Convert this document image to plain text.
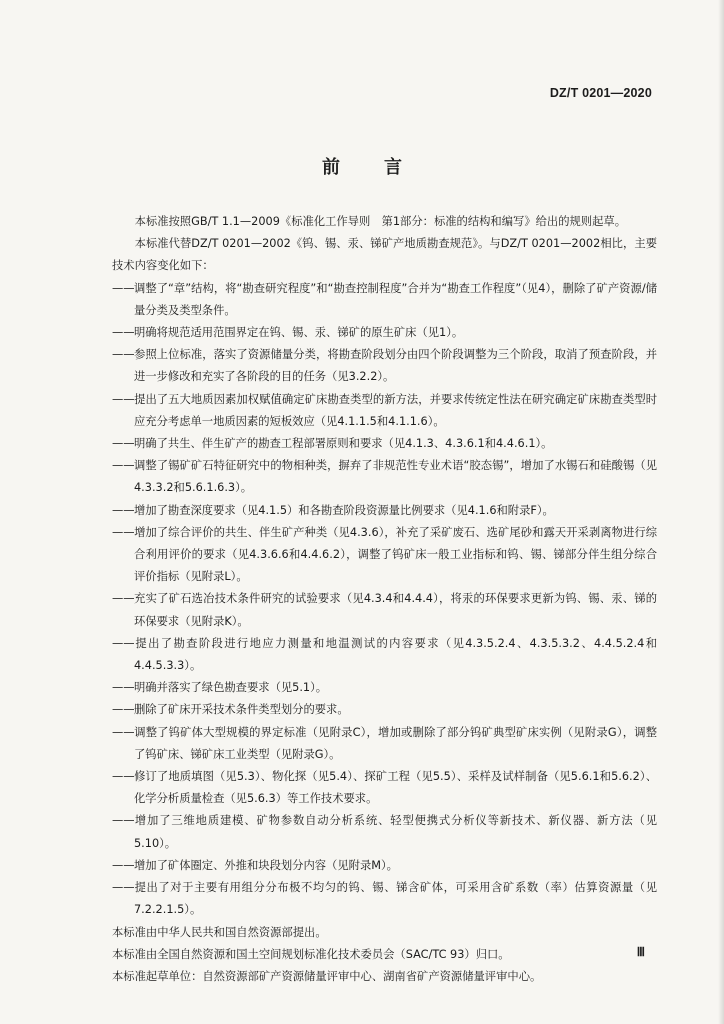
DZ/T 0201—2020
前 言

本标准按照GB/T 1.1—2009《标准化工作导则　第1部分：标准的结构和编写》给出的规则起草。

本标准代替DZ/T 0201—2002《钨、锡、汞、锑矿产地质勘查规范》。与DZ/T 0201—2002相比，主要技术内容变化如下：

——调整了“章”结构，将“勘查研究程度”和“勘查控制程度”合并为“勘查工作程度”（见4），删除了矿产资源/储量分类及类型条件。

——明确将规范适用范围界定在钨、锡、汞、锑矿的原生矿床（见1）。

——参照上位标准，落实了资源储量分类，将勘查阶段划分由四个阶段调整为三个阶段，取消了预查阶段，并进一步修改和充实了各阶段的目的任务（见3.2.2）。

——提出了五大地质因素加权赋值确定矿床勘查类型的新方法，并要求传统定性法在研究确定矿床勘查类型时应充分考虑单一地质因素的短板效应（见4.1.1.5和4.1.1.6）。

——明确了共生、伴生矿产的勘查工程部署原则和要求（见4.1.3、4.3.6.1和4.4.6.1）。

——调整了锡矿矿石特征研究中的物相种类，摒弃了非规范性专业术语“胶态锡”，增加了水锡石和硅酸锡（见4.3.3.2和5.6.1.6.3）。

——增加了勘查深度要求（见4.1.5）和各勘查阶段资源量比例要求（见4.1.6和附录F）。

——增加了综合评价的共生、伴生矿产种类（见4.3.6），补充了采矿废石、选矿尾砂和露天开采剥离物进行综合利用评价的要求（见4.3.6.6和4.4.6.2），调整了钨矿床一般工业指标和钨、锡、锑部分伴生组分综合评价指标（见附录L）。

——充实了矿石选冶技术条件研究的试验要求（见4.3.4和4.4.4），将汞的环保要求更新为钨、锡、汞、锑的环保要求（见附录K）。

——提出了勘查阶段进行地应力测量和地温测试的内容要求（见4.3.5.2.4、4.3.5.3.2、4.4.5.2.4和4.4.5.3.3）。

——明确并落实了绿色勘查要求（见5.1）。

——删除了矿床开采技术条件类型划分的要求。

——调整了钨矿体大型规模的界定标准（见附录C），增加或删除了部分钨矿典型矿床实例（见附录G），调整了钨矿床、锑矿床工业类型（见附录G）。

——修订了地质填图（见5.3）、物化探（见5.4）、探矿工程（见5.5）、采样及试样制备（见5.6.1和5.6.2）、化学分析质量检查（见5.6.3）等工作技术要求。

——增加了三维地质建模、矿物参数自动分析系统、轻型便携式分析仪等新技术、新仪器、新方法（见5.10）。

——增加了矿体圈定、外推和块段划分内容（见附录M）。

——提出了对于主要有用组分分布极不均匀的钨、锡、锑含矿体，可采用含矿系数（率）估算资源量（见7.2.2.1.5）。

本标准由中华人民共和国自然资源部提出。

本标准由全国自然资源和国土空间规划标准化技术委员会（SAC/TC 93）归口。

本标准起草单位：自然资源部矿产资源储量评审中心、湖南省矿产资源储量评审中心。

Ⅲ
